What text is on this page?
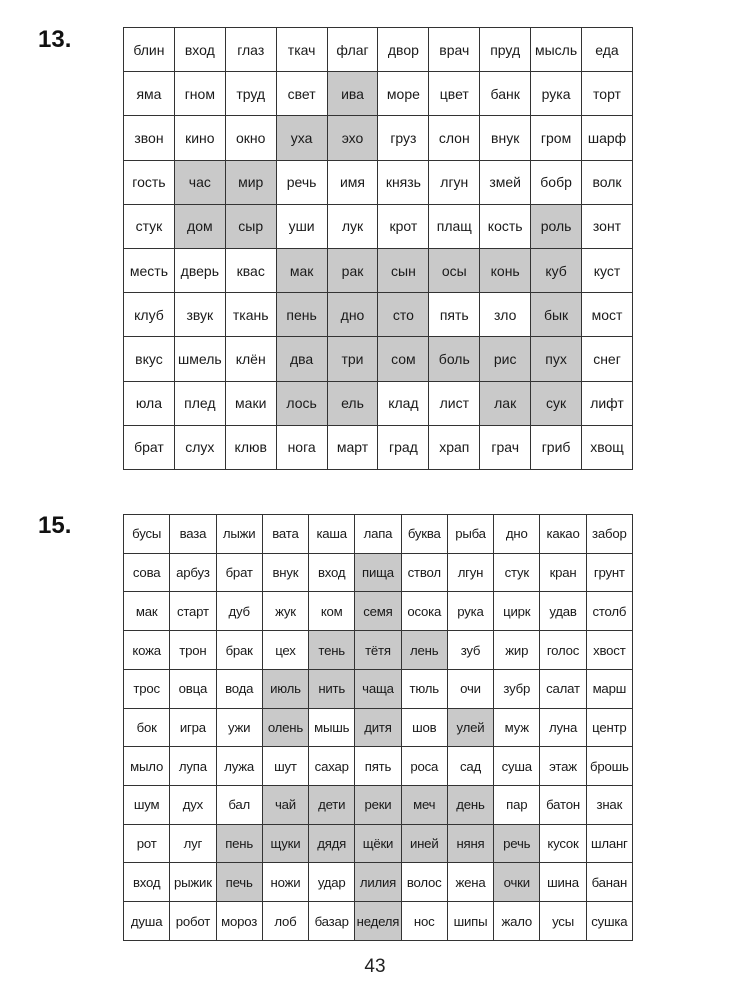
13.	блин	вход	глаз	ткач	флаг	двор	врач	пруд	мысль	еда
яма	гном	труд	свет	ива	море	цвет	банк	рука	торт
звон	кино	окно	уха	эхо	груз	слон	внук	гром	шарф
гость	час	мир	речь	имя	князь	лгун	змей	бобр	волк
стук	дом	сыр	уши	лук	крот	плащ	кость	роль	зонт
месть	дверь	квас	мак	рак	сын	осы	конь	куб	куст
клуб	звук	ткань	пень	дно	сто	пять	зло	бык	мост
вкус	шмель	клён	два	три	сом	боль	рис	пух	снег
юла	плед	маки	лось	ель	клад	лист	лак	сук	лифт
брат	слух	клюв	нога	март	град	храп	грач	гриб	хвощ
15.	бусы	ваза	лыжи	вата	каша	лапа	буква	рыба	дно	какао	забор
сова	арбуз	брат	внук	вход	пища	ствол	лгун	стук	кран	грунт
мак	старт	дуб	жук	ком	семя	осока	рука	цирк	удав	столб
кожа	трон	брак	цех	тень	тётя	лень	зуб	жир	голос	хвост
трос	овца	вода	июль	нить	чаща	тюль	очи	зубр	салат	марш
бок	игра	ужи	олень	мышь	дитя	шов	улей	муж	луна	центр
мыло	лупа	лужа	шут	сахар	пять	роса	сад	суша	этаж	брошь
шум	дух	бал	чай	дети	реки	меч	день	пар	батон	знак
рот	луг	пень	щуки	дядя	щёки	иней	няня	речь	кусок	шланг
вход	рыжик	печь	ножи	удар	лилия	волос	жена	очки	шина	банан
душа	робот	мороз	лоб	базар	неделя	нос	шипы	жало	усы	сушка
43
